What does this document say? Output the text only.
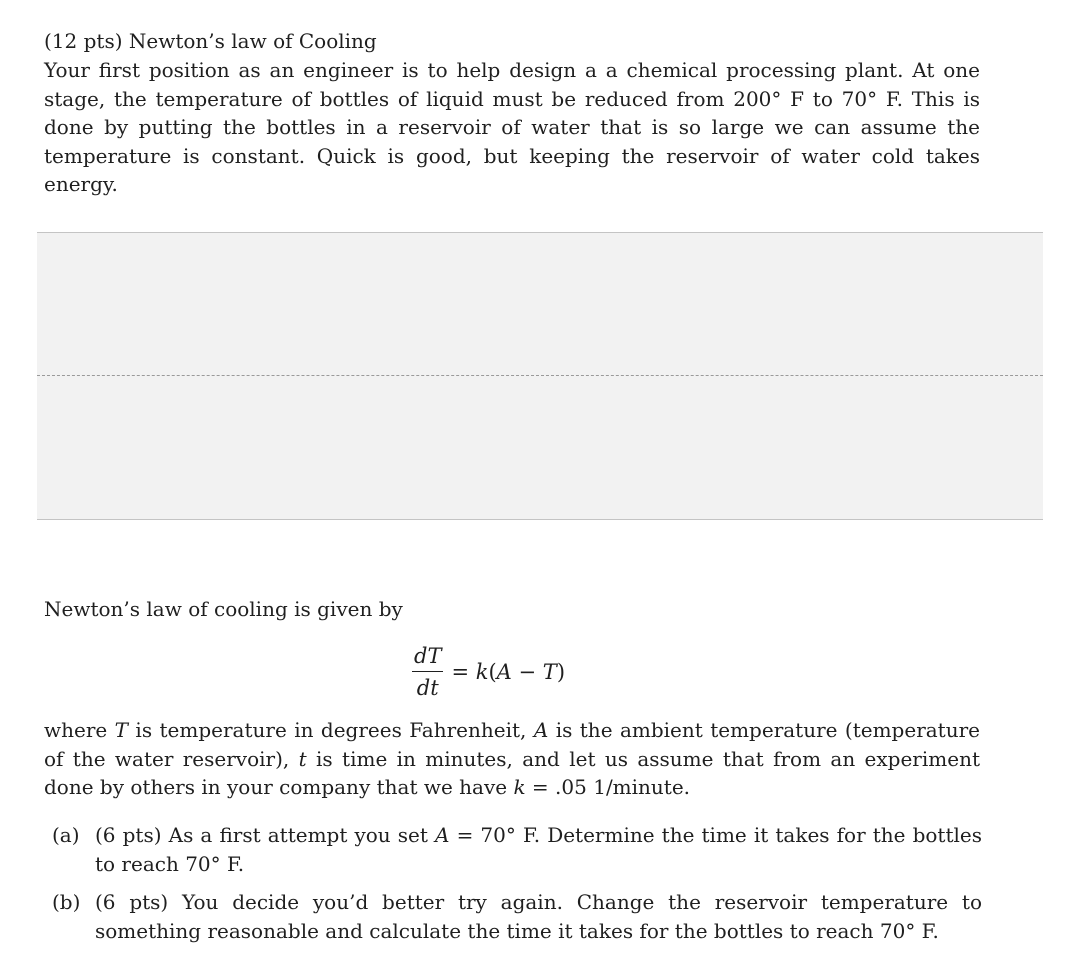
(12 pts) Newton’s law of Cooling
Your first position as an engineer is to help design a a chemical processing plant. At one stage, the temperature of bottles of liquid must be reduced from 200° F to 70° F. This is done by putting the bottles in a reservoir of water that is so large we can assume the temperature is constant. Quick is good, but keeping the reservoir of water cold takes energy.
Newton’s law of cooling is given by
$\frac{dT}{dt} = k(A - T)$
where T is temperature in degrees Fahrenheit, A is the ambient temperature (temperature of the water reservoir), t is time in minutes, and let us assume that from an experiment done by others in your company that we have k = .05 1/minute.
(a) (6 pts) As a first attempt you set A = 70° F. Determine the time it takes for the bottles to reach 70° F.
(b) (6 pts) You decide you’d better try again. Change the reservoir temperature to something reasonable and calculate the time it takes for the bottles to reach 70° F.
